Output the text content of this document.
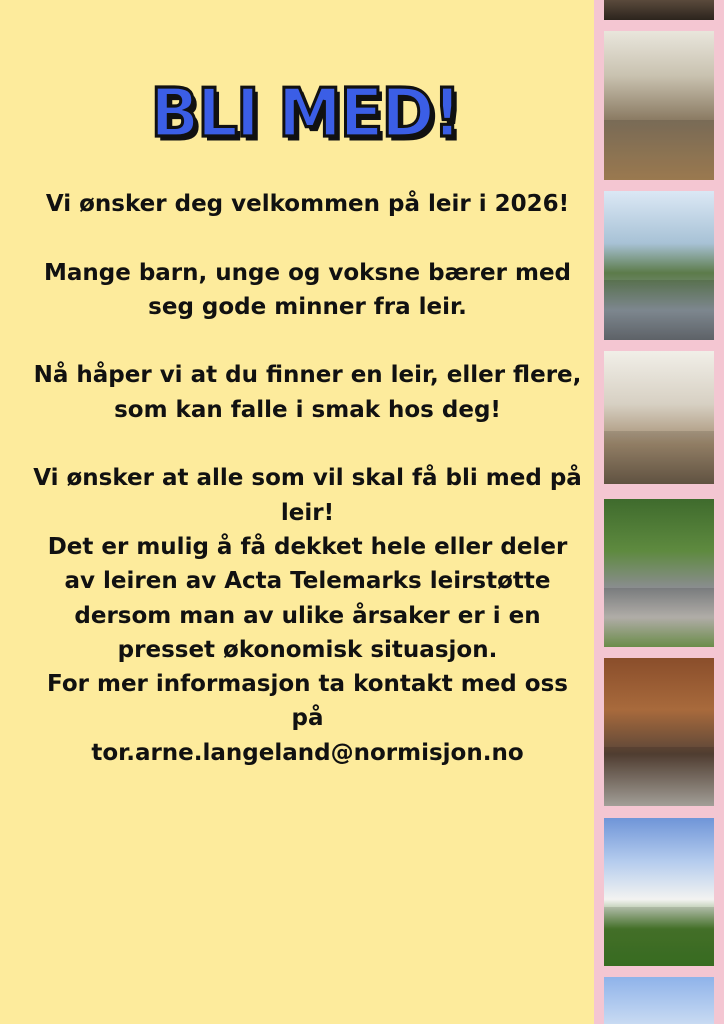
BLI MED!

Vi ønsker deg velkommen på leir i 2026!

Mange barn, unge og voksne bærer med seg gode minner fra leir.

Nå håper vi at du finner en leir, eller flere, som kan falle i smak hos deg!

Vi ønsker at alle som vil skal få bli med på leir!

Det er mulig å få dekket hele eller deler av leiren av Acta Telemarks leirstøtte dersom man av ulike årsaker er i en presset økonomisk situasjon.

For mer informasjon ta kontakt med oss på

tor.arne.langeland@normisjon.no
